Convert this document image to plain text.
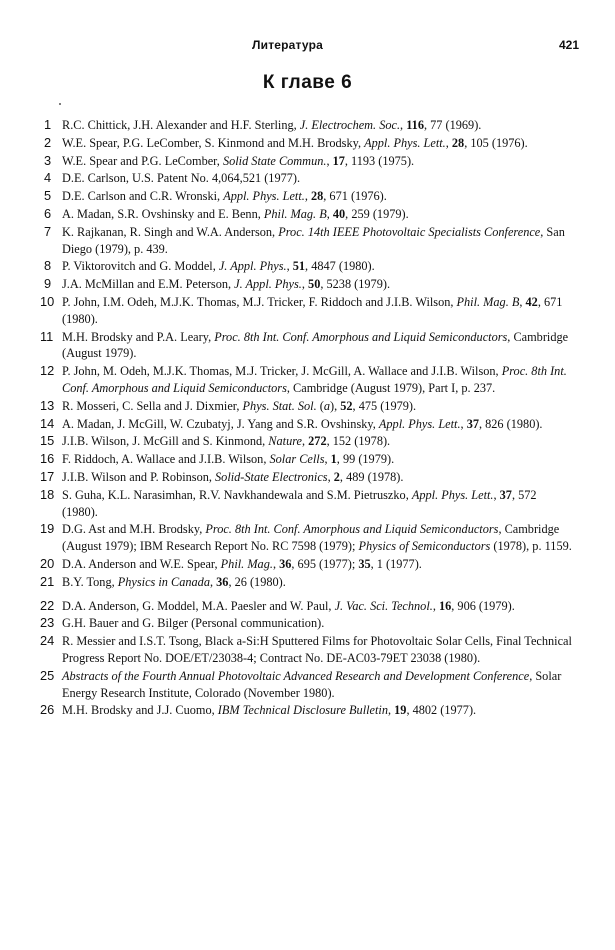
Литература	421
К главе 6
1 R.C. Chittick, J.H. Alexander and H.F. Sterling, J. Electrochem. Soc., 116, 77 (1969).
2 W.E. Spear, P.G. LeComber, S. Kinmond and M.H. Brodsky, Appl. Phys. Lett., 28, 105 (1976).
3 W.E. Spear and P.G. LeComber, Solid State Commun., 17, 1193 (1975).
4 D.E. Carlson, U.S. Patent No. 4,064,521 (1977).
5 D.E. Carlson and C.R. Wronski, Appl. Phys. Lett., 28, 671 (1976).
6 A. Madan, S.R. Ovshinsky and E. Benn, Phil. Mag. B, 40, 259 (1979).
7 K. Rajkanan, R. Singh and W.A. Anderson, Proc. 14th IEEE Photovoltaic Specialists Conference, San Diego (1979), p. 439.
8 P. Viktorovitch and G. Moddel, J. Appl. Phys., 51, 4847 (1980).
9 J.A. McMillan and E.M. Peterson, J. Appl. Phys., 50, 5238 (1979).
10 P. John, I.M. Odeh, M.J.K. Thomas, M.J. Tricker, F. Riddoch and J.I.B. Wilson, Phil. Mag. B, 42, 671 (1980).
11 M.H. Brodsky and P.A. Leary, Proc. 8th Int. Conf. Amorphous and Liquid Semiconductors, Cambridge (August 1979).
12 P. John, M. Odeh, M.J.K. Thomas, M.J. Tricker, J. McGill, A. Wallace and J.I.B. Wilson, Proc. 8th Int. Conf. Amorphous and Liquid Semiconductors, Cambridge (August 1979), Part I, p. 237.
13 R. Mosseri, C. Sella and J. Dixmier, Phys. Stat. Sol. (a), 52, 475 (1979).
14 A. Madan, J. McGill, W. Czubatyj, J. Yang and S.R. Ovshinsky, Appl. Phys. Lett., 37, 826 (1980).
15 J.I.B. Wilson, J. McGill and S. Kinmond, Nature, 272, 152 (1978).
16 F. Riddoch, A. Wallace and J.I.B. Wilson, Solar Cells, 1, 99 (1979).
17 J.I.B. Wilson and P. Robinson, Solid-State Electronics, 2, 489 (1978).
18 S. Guha, K.L. Narasimhan, R.V. Navkhandewala and S.M. Pietruszko, Appl. Phys. Lett., 37, 572 (1980).
19 D.G. Ast and M.H. Brodsky, Proc. 8th Int. Conf. Amorphous and Liquid Semiconductors, Cambridge (August 1979); IBM Research Report No. RC 7598 (1979); Physics of Semiconductors (1978), p. 1159.
20 D.A. Anderson and W.E. Spear, Phil. Mag., 36, 695 (1977); 35, 1 (1977).
21 B.Y. Tong, Physics in Canada, 36, 26 (1980).
22 D.A. Anderson, G. Moddel, M.A. Paesler and W. Paul, J. Vac. Sci. Technol., 16, 906 (1979).
23 G.H. Bauer and G. Bilger (Personal communication).
24 R. Messier and I.S.T. Tsong, Black a-Si:H Sputtered Films for Photovoltaic Solar Cells, Final Technical Progress Report No. DOE/ET/23038-4; Contract No. DE-AC03-79ET 23038 (1980).
25 Abstracts of the Fourth Annual Photovoltaic Advanced Research and Development Conference, Solar Energy Research Institute, Colorado (November 1980).
26 M.H. Brodsky and J.J. Cuomo, IBM Technical Disclosure Bulletin, 19, 4802 (1977).
